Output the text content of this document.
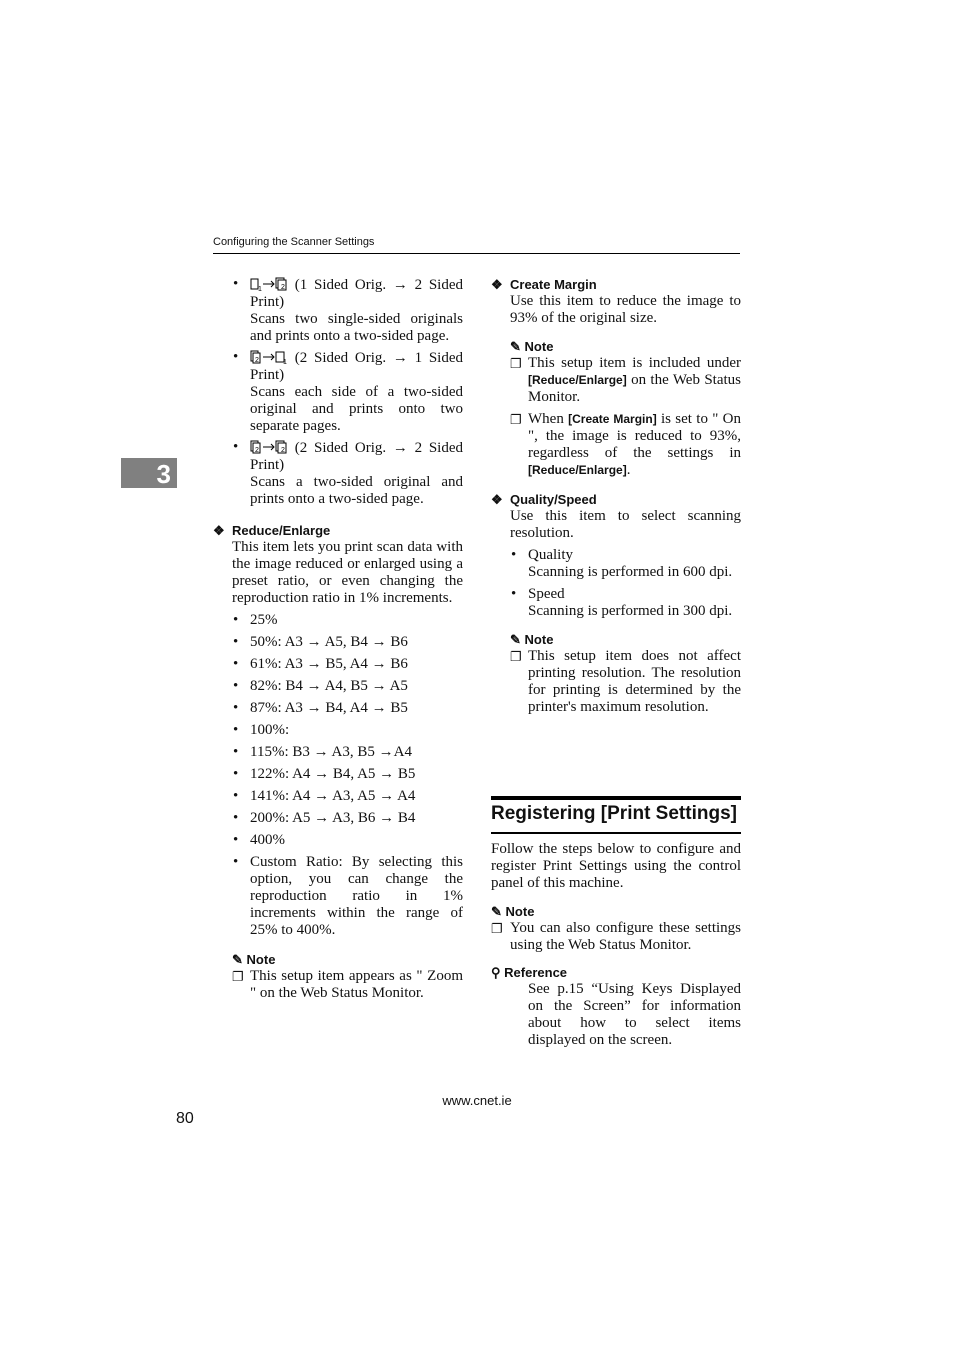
Configuring the Scanner Settings
3
•	1	2 (1 Sided Orig. → 2 Sided Print)
Scans two single-sided originals and prints onto a two-sided page.

• 2	1 (2 Sided Orig. → 1 Sided Print)
Scans each side of a two-sided original and prints onto two separate pages.

• 2	2 (2 Sided Orig. → 2 Sided Print)
Scans a two-sided original and prints onto a two-sided page.

❖ Reduce/Enlarge

This item lets you print scan data with the image reduced or enlarged using a preset ratio, or even changing the reproduction ratio in 1% increments.

• 25%

• 50%: A3 → A5, B4 → B6

• 61%: A3 → B5, A4 → B6

• 82%: B4 → A4, B5 → A5

• 87%: A3 → B4, A4 → B5

• 100%:

• 115%: B3 → A3, B5 →A4

• 122%: A4 → B4, A5 → B5

• 141%: A4 → A3, A5 → A4

• 200%: A5 → A3, B6 → B4

• 400%

• Custom Ratio: By selecting this option, you can change the reproduction ratio in 1% increments within the range of 25% to 400%.

✎ Note

❐ This setup item appears as " Zoom " on the Web Status Monitor.

❖ Create Margin

Use this item to reduce the image to 93% of the original size.

✎ Note

❐ This setup item is included under [Reduce/Enlarge] on the Web Status Monitor.
❐ When [Create Margin] is set to " On ", the image is reduced to 93%, regardless of the settings in [Reduce/Enlarge].

❖ Quality/Speed

Use this item to select scanning resolution.

• Quality
Scanning is performed in 600 dpi.

• Speed
Scanning is performed in 300 dpi.

✎ Note

❐ This setup item does not affect printing resolution. The resolution for printing is determined by the printer's maximum resolution.
Registering [Print Settings]

Follow the steps below to configure and register Print Settings using the control panel of this machine.

✎ Note

❐ You can also configure these settings using the Web Status Monitor.

⚲ Reference

See p.15 “Using Keys Displayed on the Screen” for information about how to select items displayed on the screen.

www.cnet.ie
80
